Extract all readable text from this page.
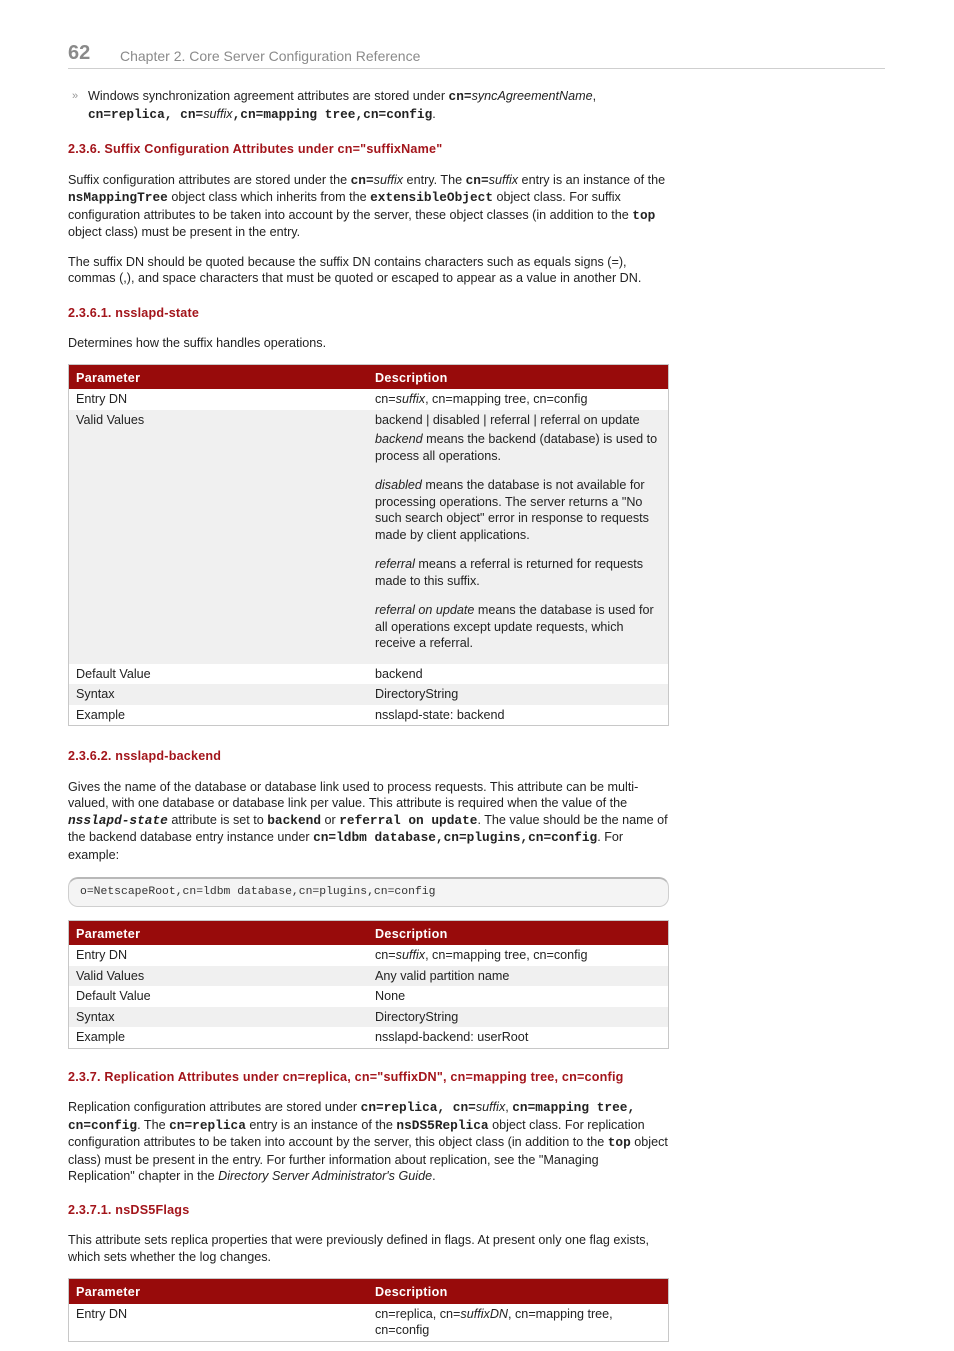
62 Chapter 2. Core Server Configuration Reference
» Windows synchronization agreement attributes are stored under cn=syncAgreementName,
cn=replica, cn=suffix,cn=mapping tree,cn=config.
2.3.6. Suffix Configuration Attributes under cn="suffixName"

Suffix configuration attributes are stored under the cn=suffix entry. The cn=suffix entry is an instance of the nsMappingTree object class which inherits from the extensibleObject object class. For suffix configuration attributes to be taken into account by the server, these object classes (in addition to the top object class) must be present in the entry.

The suffix DN should be quoted because the suffix DN contains characters such as equals signs (=), commas (,), and space characters that must be quoted or escaped to appear as a value in another DN.

2.3.6.1. nsslapd-state

Determines how the suffix handles operations.

Parameter	Description
Entry DN	cn=suffix, cn=mapping tree, cn=config
Valid Values	backend | disabled | referral | referral on update
backend means the backend (database) is used to process all operations.
disabled means the database is not available for processing operations. The server returns a "No such search object" error in response to requests made by client applications.
referral means a referral is returned for requests made to this suffix.
referral on update means the database is used for all operations except update requests, which receive a referral.

Default Value	backend
Syntax	DirectoryString
Example	nsslapd-state: backend
2.3.6.2. nsslapd-backend

Gives the name of the database or database link used to process requests. This attribute can be multi-valued, with one database or database link per value. This attribute is required when the value of the nsslapd-state attribute is set to backend or referral on update. The value should be the name of the backend database entry instance under cn=ldbm database,cn=plugins,cn=config. For example:

o=NetscapeRoot,cn=ldbm database,cn=plugins,cn=config
Parameter	Description
Entry DN	cn=suffix, cn=mapping tree, cn=config
Valid Values	Any valid partition name
Default Value	None
Syntax	DirectoryString
Example	nsslapd-backend: userRoot
2.3.7. Replication Attributes under cn=replica, cn="suffixDN", cn=mapping tree, cn=config

Replication configuration attributes are stored under cn=replica, cn=suffix, cn=mapping tree, cn=config. The cn=replica entry is an instance of the nsDS5Replica object class. For replication configuration attributes to be taken into account by the server, this object class (in addition to the top object class) must be present in the entry. For further information about replication, see the "Managing Replication" chapter in the Directory Server Administrator's Guide.

2.3.7.1. nsDS5Flags

This attribute sets replica properties that were previously defined in flags. At present only one flag exists, which sets whether the log changes.

Parameter	Description
Entry DN	cn=replica, cn=suffixDN, cn=mapping tree, cn=config
